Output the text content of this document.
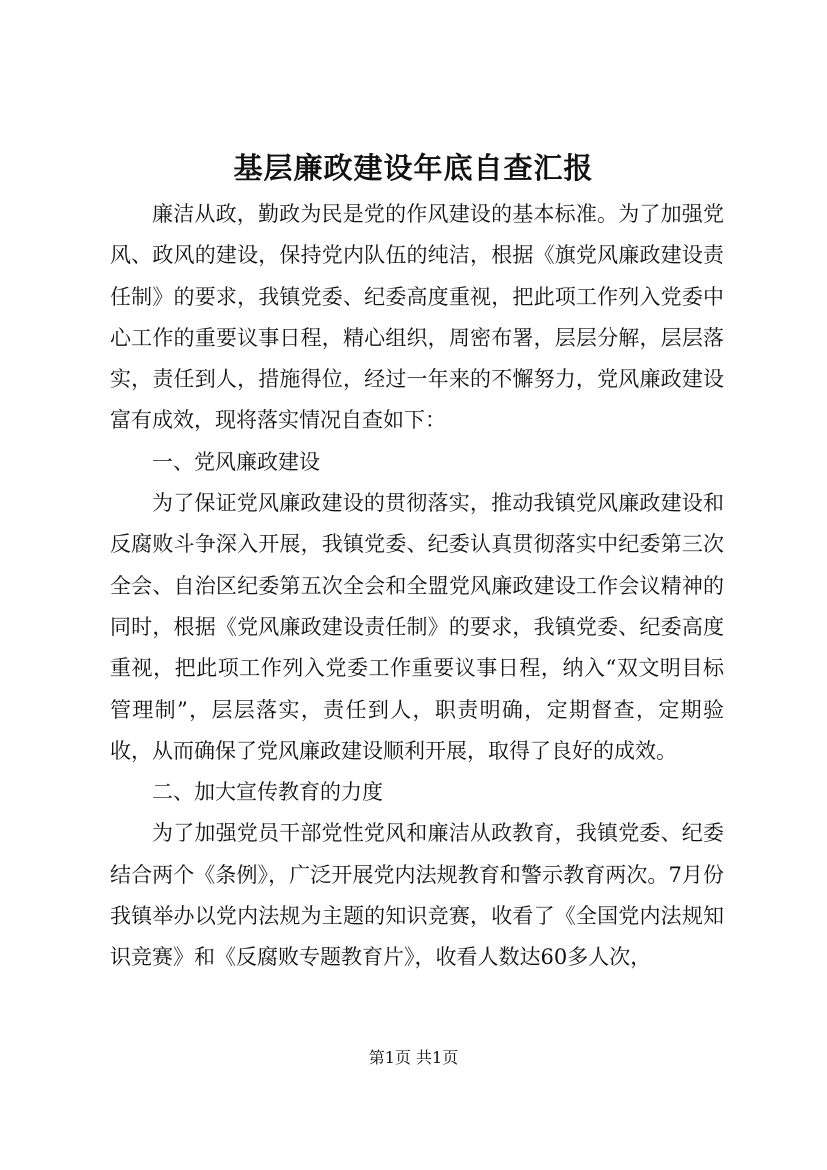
基层廉政建设年底自查汇报

廉洁从政，勤政为民是党的作风建设的基本标准。为了加强党风、政风的建设，保持党内队伍的纯洁，根据《旗党风廉政建设责任制》的要求，我镇党委、纪委高度重视，把此项工作列入党委中心工作的重要议事日程，精心组织，周密布署，层层分解，层层落实，责任到人，措施得位，经过一年来的不懈努力，党风廉政建设富有成效，现将落实情况自查如下：

一、党风廉政建设

为了保证党风廉政建设的贯彻落实，推动我镇党风廉政建设和反腐败斗争深入开展，我镇党委、纪委认真贯彻落实中纪委第三次全会、自治区纪委第五次全会和全盟党风廉政建设工作会议精神的同时，根据《党风廉政建设责任制》的要求，我镇党委、纪委高度重视，把此项工作列入党委工作重要议事日程，纳入“双文明目标管理制”，层层落实，责任到人，职责明确，定期督查，定期验收，从而确保了党风廉政建设顺利开展，取得了良好的成效。

二、加大宣传教育的力度

为了加强党员干部党性党风和廉洁从政教育，我镇党委、纪委结合两个《条例》，广泛开展党内法规教育和警示教育两次。7月份我镇举办以党内法规为主题的知识竞赛，收看了《全国党内法规知识竞赛》和《反腐败专题教育片》，收看人数达60多人次，

第1页 共1页
